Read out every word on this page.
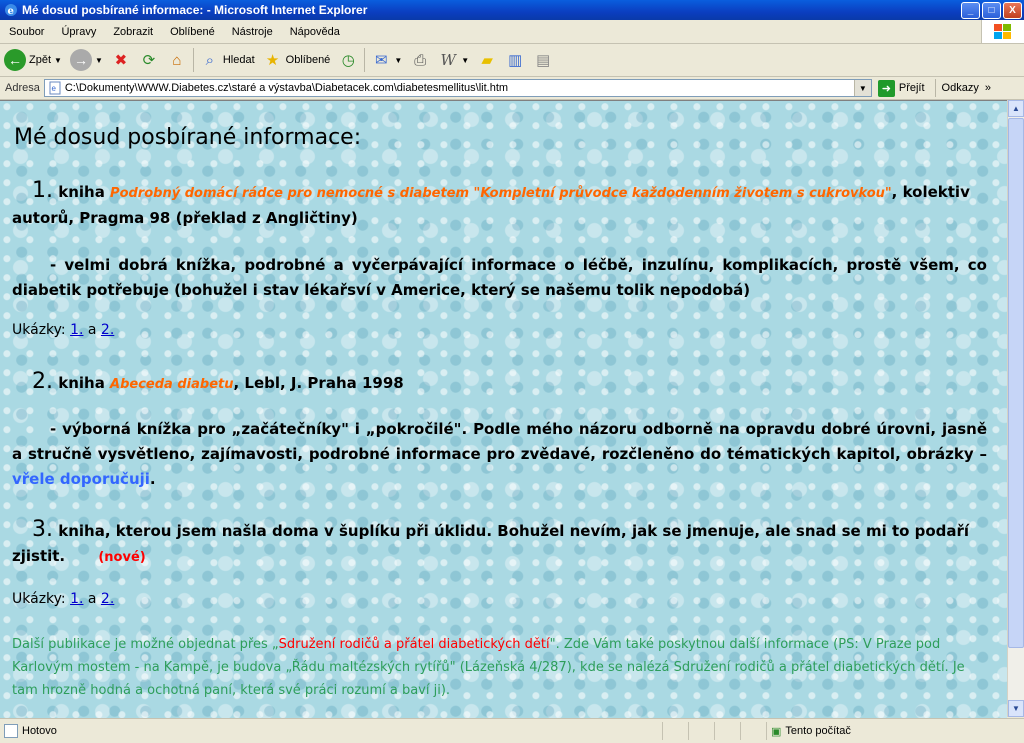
e Mé dosud posbírané informace: - Microsoft Internet Explorer	_	□	X
Soubor	Úpravy	Zobrazit	Oblíbené	Nástroje	Nápověda
← Zpět ▼ → ▼ ✖ ⟳	⌂	⌕ Hledat ★ Oblíbené ◷ ✉ ▼ ⎙ W ▼ ▰ ▥ ▤
Adresa	e C:\Dokumenty\WWW.Diabetes.cz\staré a výstavba\Diabetacek.com\diabetesmellitus\lit.htm	▼	➜ Přejít Odkazy »
Mé dosud posbírané informace:

1. kniha Podrobný domácí rádce pro nemocné s diabetem "Kompletní průvodce každodenním životem s cukrovkou", kolektiv autorů, Pragma 98 (překlad z Angličtiny)

- velmi dobrá knížka, podrobné a vyčerpávající informace o léčbě, inzulínu, komplikacích, prostě všem, co diabetik potřebuje (bohužel i stav lékařsví v Americe, který se našemu tolik nepodobá)

Ukázky: 1. a 2.

2. kniha Abeceda diabetu, Lebl, J. Praha 1998

- výborná knížka pro „začátečníky" i „pokročilé". Podle mého názoru odborně na opravdu dobré úrovni, jasně a stručně vysvětleno, zajímavosti, podrobné informace pro zvědavé, rozčleněno do tématických kapitol, obrázky – vřele doporučuji.

3. kniha, kterou jsem našla doma v šuplíku při úklidu. Bohužel nevím, jak se jmenuje, ale snad se mi to podaří zjistit.	(nové)

Ukázky: 1. a 2.
Další publikace je možné objednat přes „Sdružení rodičů a přátel diabetických dětí". Zde Vám také poskytnou další informace (PS: V Praze pod Karlovým mostem - na Kampě, je budova „Řádu maltézských rytířů" (Lázeňská 4/287), kde se nalézá Sdružení rodičů a přátel diabetických dětí. Je tam hrozně hodná a ochotná paní, která své práci rozumí a baví ji).
▲
▼
Hotovo	▣ Tento počítač
